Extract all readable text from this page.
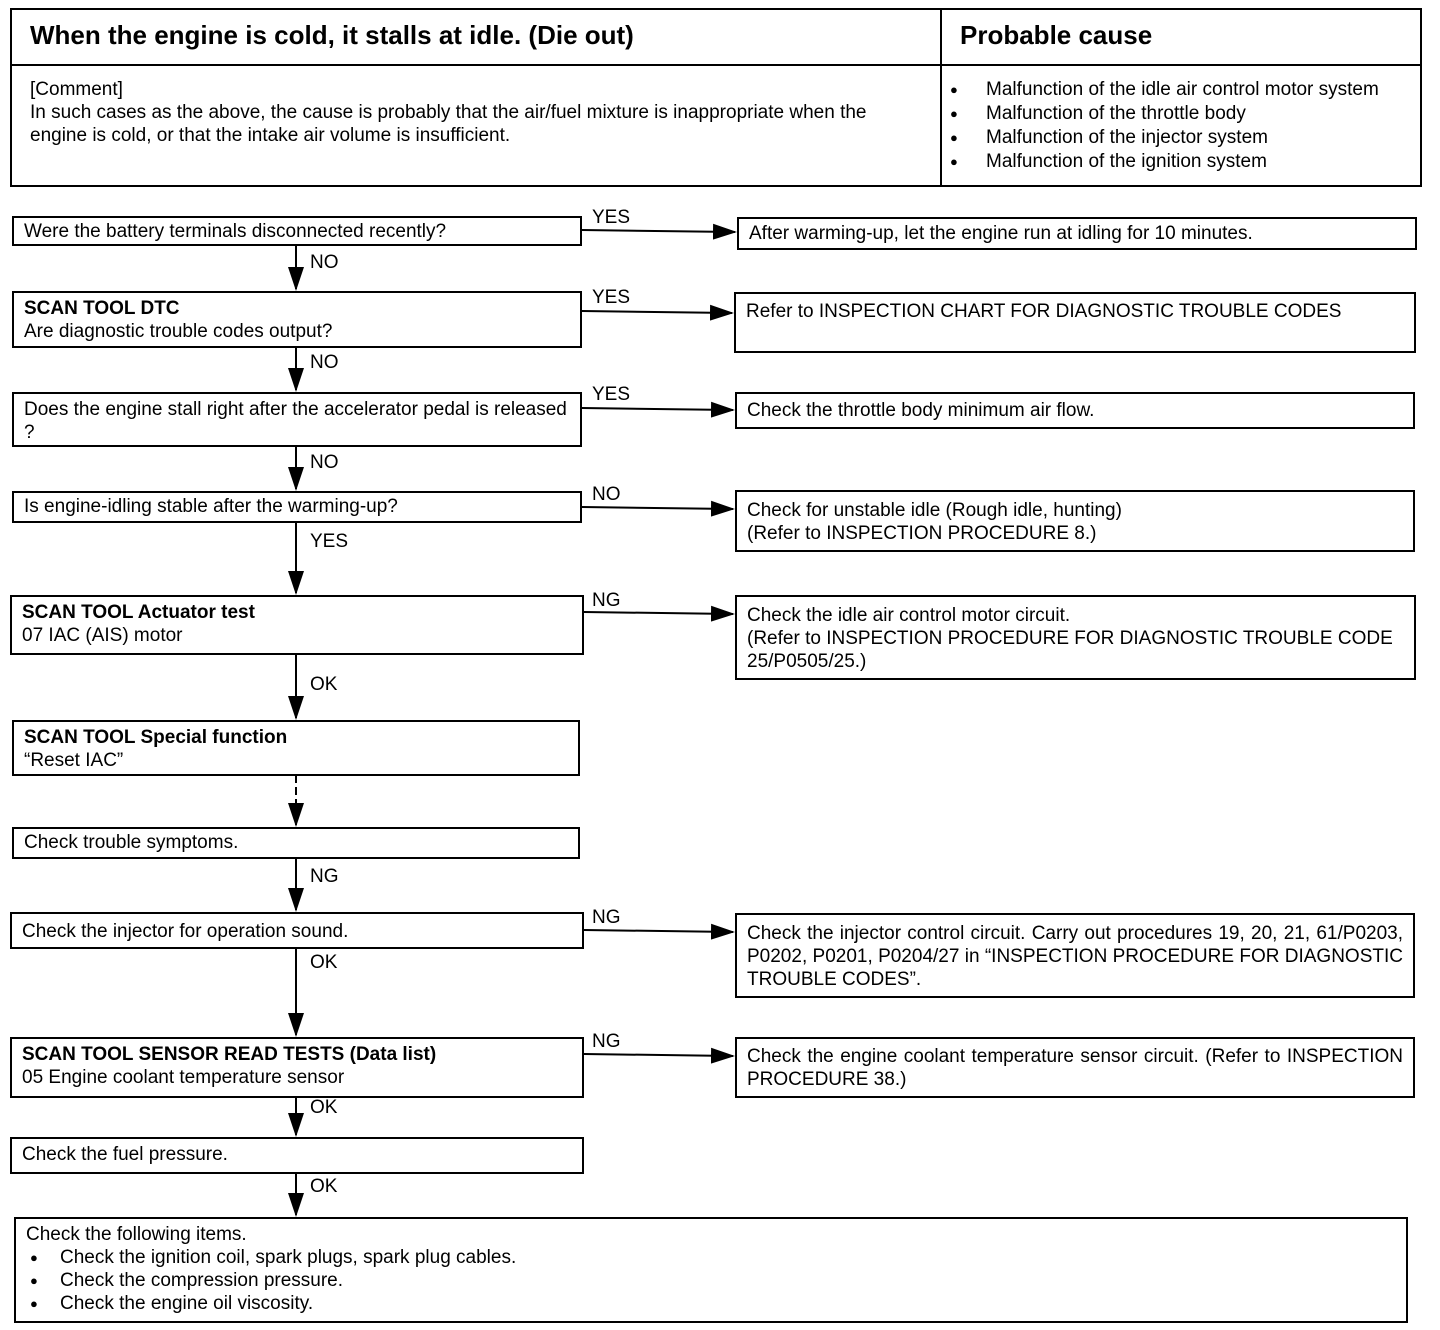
When the engine is cold, it stalls at idle. (Die out)	Probable cause
[Comment]
In such cases as the above, the cause is probably that the air/fuel mixture is inappropriate when the engine is cold, or that the intake air volume is insufficient.
● Malfunction of the idle air control motor system
● Malfunction of the throttle body
● Malfunction of the injector system
● Malfunction of the ignition system
Were the battery terminals disconnected recently?
SCAN TOOL DTC
Are diagnostic trouble codes output?
Does the engine stall right after the accelerator pedal is released ?
Is engine-idling stable after the warming-up?
SCAN TOOL Actuator test
07 IAC (AIS) motor
SCAN TOOL Special function
“Reset IAC”
Check trouble symptoms.
Check the injector for operation sound.
SCAN TOOL SENSOR READ TESTS (Data list)
05 Engine coolant temperature sensor
Check the fuel pressure.
Check the following items.
● Check the ignition coil, spark plugs, spark plug cables.
● Check the compression pressure.
● Check the engine oil viscosity.
After warming-up, let the engine run at idling for 10 minutes.
Refer to INSPECTION CHART FOR DIAGNOSTIC TROUBLE CODES
Check the throttle body minimum air flow.
Check for unstable idle (Rough idle, hunting)
(Refer to INSPECTION PROCEDURE 8.)
Check the idle air control motor circuit.
(Refer to INSPECTION PROCEDURE FOR DIAGNOSTIC TROUBLE CODE 25/P0505/25.)
Check the injector control circuit. Carry out procedures 19, 20, 21, 61/P0203, P0202, P0201, P0204/27 in “INSPECTION PROCEDURE FOR DIAGNOSTIC TROUBLE CODES”.
Check the engine coolant temperature sensor circuit. (Refer to INSPECTION PROCEDURE 38.)
YES
YES
YES
NO
NG
NG
NG
NO
NO
NO
YES
OK
NG
OK
OK
OK
